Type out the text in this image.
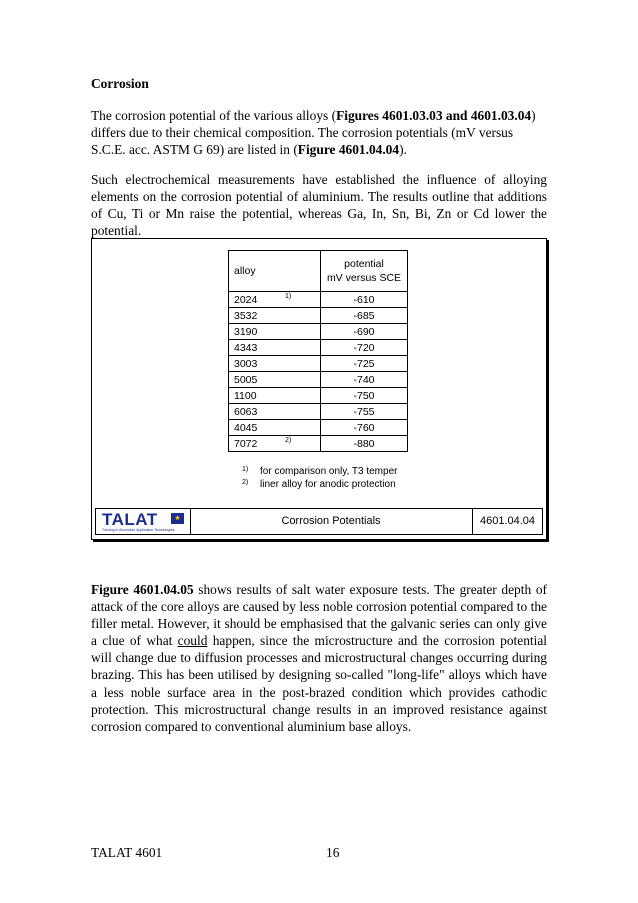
Corrosion
The corrosion potential of the various alloys (Figures 4601.03.03 and 4601.03.04) differs due to their chemical composition. The corrosion potentials (mV versus S.C.E. acc. ASTM G 69) are listed in (Figure 4601.04.04).
Such electrochemical measurements have established the influence of alloying elements on the corrosion potential of aluminium. The results outline that additions of Cu, Ti or Mn raise the potential, whereas Ga, In, Sn, Bi, Zn or Cd lower the potential.
alloy	potential
mV versus SCE

2024 1)	-610
3532	-685
3190	-690
4343	-720
3003	-725
5005	-740
1100	-750
6063	-755
4045	-760
7072 2)	-880
1) for comparison only, T3 temper
2) liner alloy for anodic protection
TALAT ★
Training in Aluminium Application Technologies
Corrosion Potentials	4601.04.04
Figure 4601.04.05 shows results of salt water exposure tests. The greater depth of attack of the core alloys are caused by less noble corrosion potential compared to the filler metal. However, it should be emphasised that the galvanic series can only give a clue of what could happen, since the microstructure and the corrosion potential will change due to diffusion processes and microstructural changes occurring during brazing. This has been utilised by designing so-called "long-life" alloys which have a less noble surface area in the post-brazed condition which provides cathodic protection. This microstructural change results in an improved resistance against corrosion compared to conventional aluminium base alloys.
TALAT 4601	16
